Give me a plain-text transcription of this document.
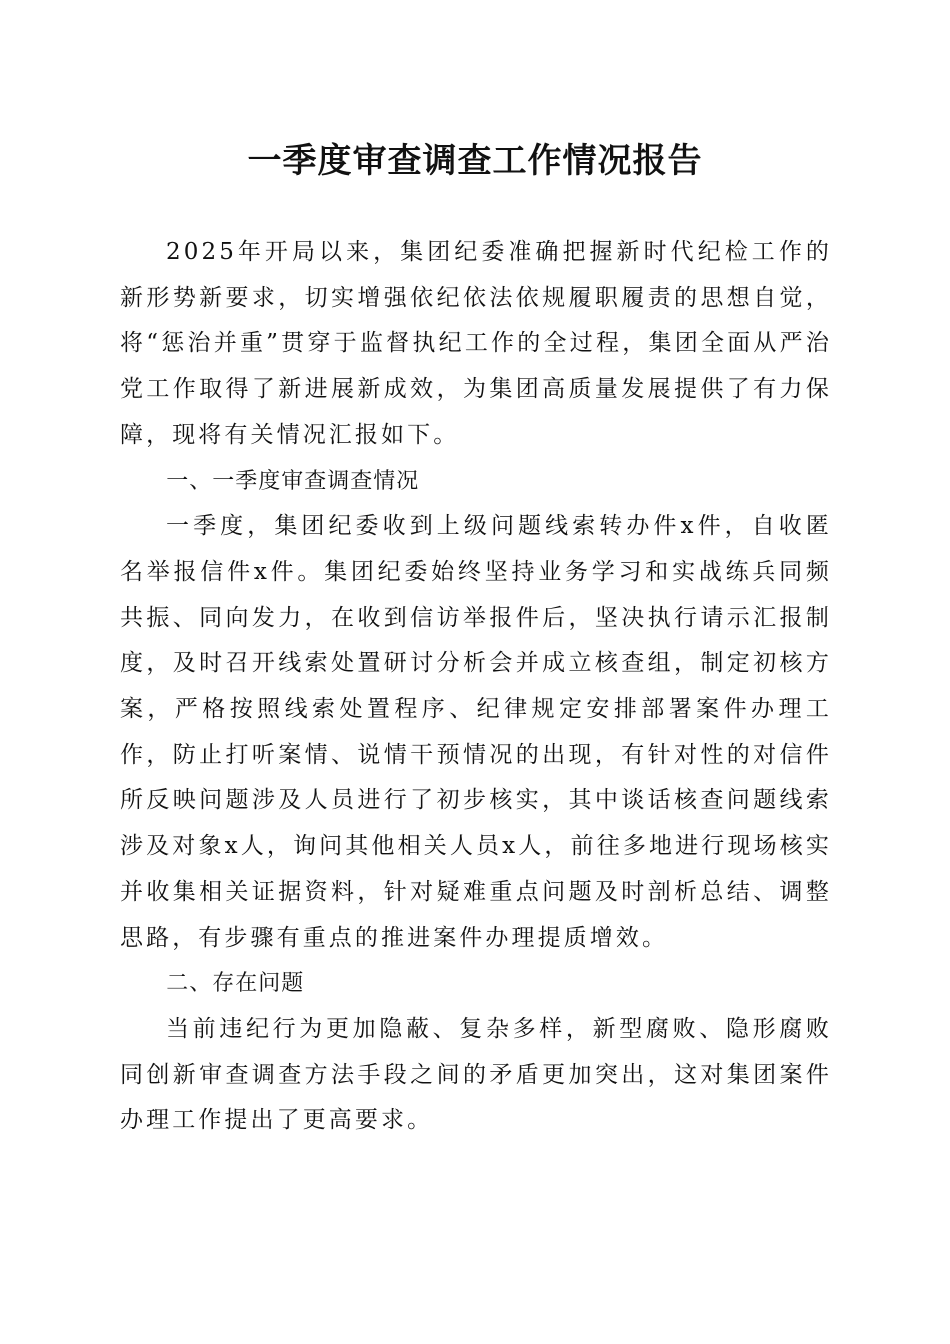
一季度审查调查工作情况报告

2025年开局以来，集团纪委准确把握新时代纪检工作的新形势新要求，切实增强依纪依法依规履职履责的思想自觉，将“惩治并重”贯穿于监督执纪工作的全过程，集团全面从严治党工作取得了新进展新成效，为集团高质量发展提供了有力保障，现将有关情况汇报如下。

一、一季度审查调查情况

一季度，集团纪委收到上级问题线索转办件x件，自收匿名举报信件x件。集团纪委始终坚持业务学习和实战练兵同频共振、同向发力，在收到信访举报件后，坚决执行请示汇报制度，及时召开线索处置研讨分析会并成立核查组，制定初核方案，严格按照线索处置程序、纪律规定安排部署案件办理工作，防止打听案情、说情干预情况的出现，有针对性的对信件所反映问题涉及人员进行了初步核实，其中谈话核查问题线索涉及对象x人，询问其他相关人员x人，前往多地进行现场核实并收集相关证据资料，针对疑难重点问题及时剖析总结、调整思路，有步骤有重点的推进案件办理提质增效。

二、存在问题

当前违纪行为更加隐蔽、复杂多样，新型腐败、隐形腐败同创新审查调查方法手段之间的矛盾更加突出，这对集团案件办理工作提出了更高要求。
